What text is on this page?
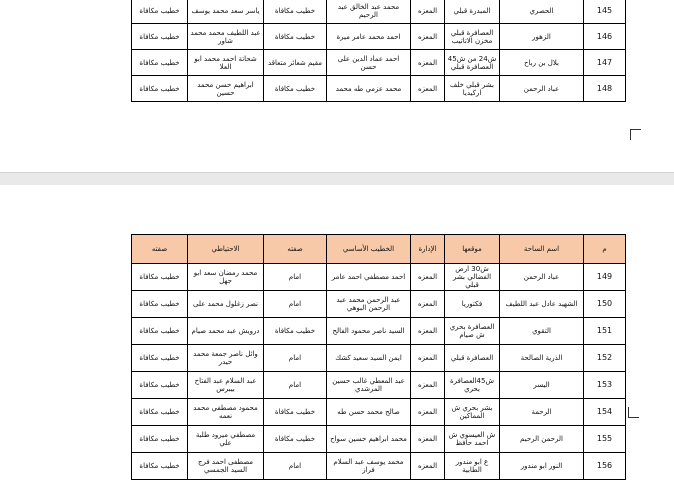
145	الحصري	المبدرة قبلي	المعزه	محمد عبد الخالق عبد الرحيم	خطيب مكافاة	ياسر سعد محمد يوسف	خطيب مكافاة
146	الزهور	العصافرة قبلي مخزن الاتاتيب	المعزه	احمد محمد عامر ميرة	خطيب مكافاة	عبد اللطيف محمد محمد شاور	خطيب مكافاة
147	بلال بن رباح	ش24 من ش45 العصافرة قبلي	المعزه	احمد عماد الدين على حسن	مقيم شعائر متعاقد	شحاتة احمد محمد ابو العلا	خطيب مكافاة
148	عباد الرحمن	بشر قبلي خلف اركيديا	المعزه	محمد عزمي طه محمد	خطيب مكافاة	ابراهيم حسن محمد حسين	خطيب مكافاة
م	اسم الساحة	موقعها	الإدارة	الخطيب الأساسي	صفته	الاحتياطي	صفته
149	عباد الرحمن	ش30 ارض الفضالي بشر قبلي	المعزه	احمد مصطفي احمد عامر	امام	محمد رمضان سعد ابو جهل	خطيب مكافاة
150	الشهيد عادل عبد اللطيف	فكتوريا	المعزه	عبد الرحمن محمد عبد الرحمن البوهي	امام	نصر زغلول محمد على	خطيب مكافاة
151	التقوي	العصافرة بحري ش صيام	المعزه	السيد ناصر محمود الفالح	خطيب مكافاة	درويش عبد محمد صيام	خطيب مكافاة
152	الذرية الصالحة	العصافرة قبلي	المعزه	ايمن السيد سعيد كشك	امام	وائل ناصر جمعة محمد حيدر	خطيب مكافاة
153	اليسر	ش45العصافرة بحري	المعزه	عبد المعطي غالب حسين المرشدي	امام	عبد السلام عبد الفتاح بيبرس	خطيب مكافاة
154	الرحمة	بشر بحري ش المماكين	المعزه	صالح محمد حسن طه	خطيب مكافاة	محمود مصطفي محمد نعمه	خطيب مكافاة
155	الرحمن الرحيم	ش العيسوي ش احمد حافظ	المعزه	محمد ابراهيم حسين سواح	خطيب مكافاة	مصطفي ميرود طلبة علي	خطيب مكافاة
156	النور ابو مندور	ع ابو مندور الطابية	المعزه	محمد يوسف عبد السلام فراز	امام	مصطفى احمد فرج السيد الجمسي	خطيب مكافاة
